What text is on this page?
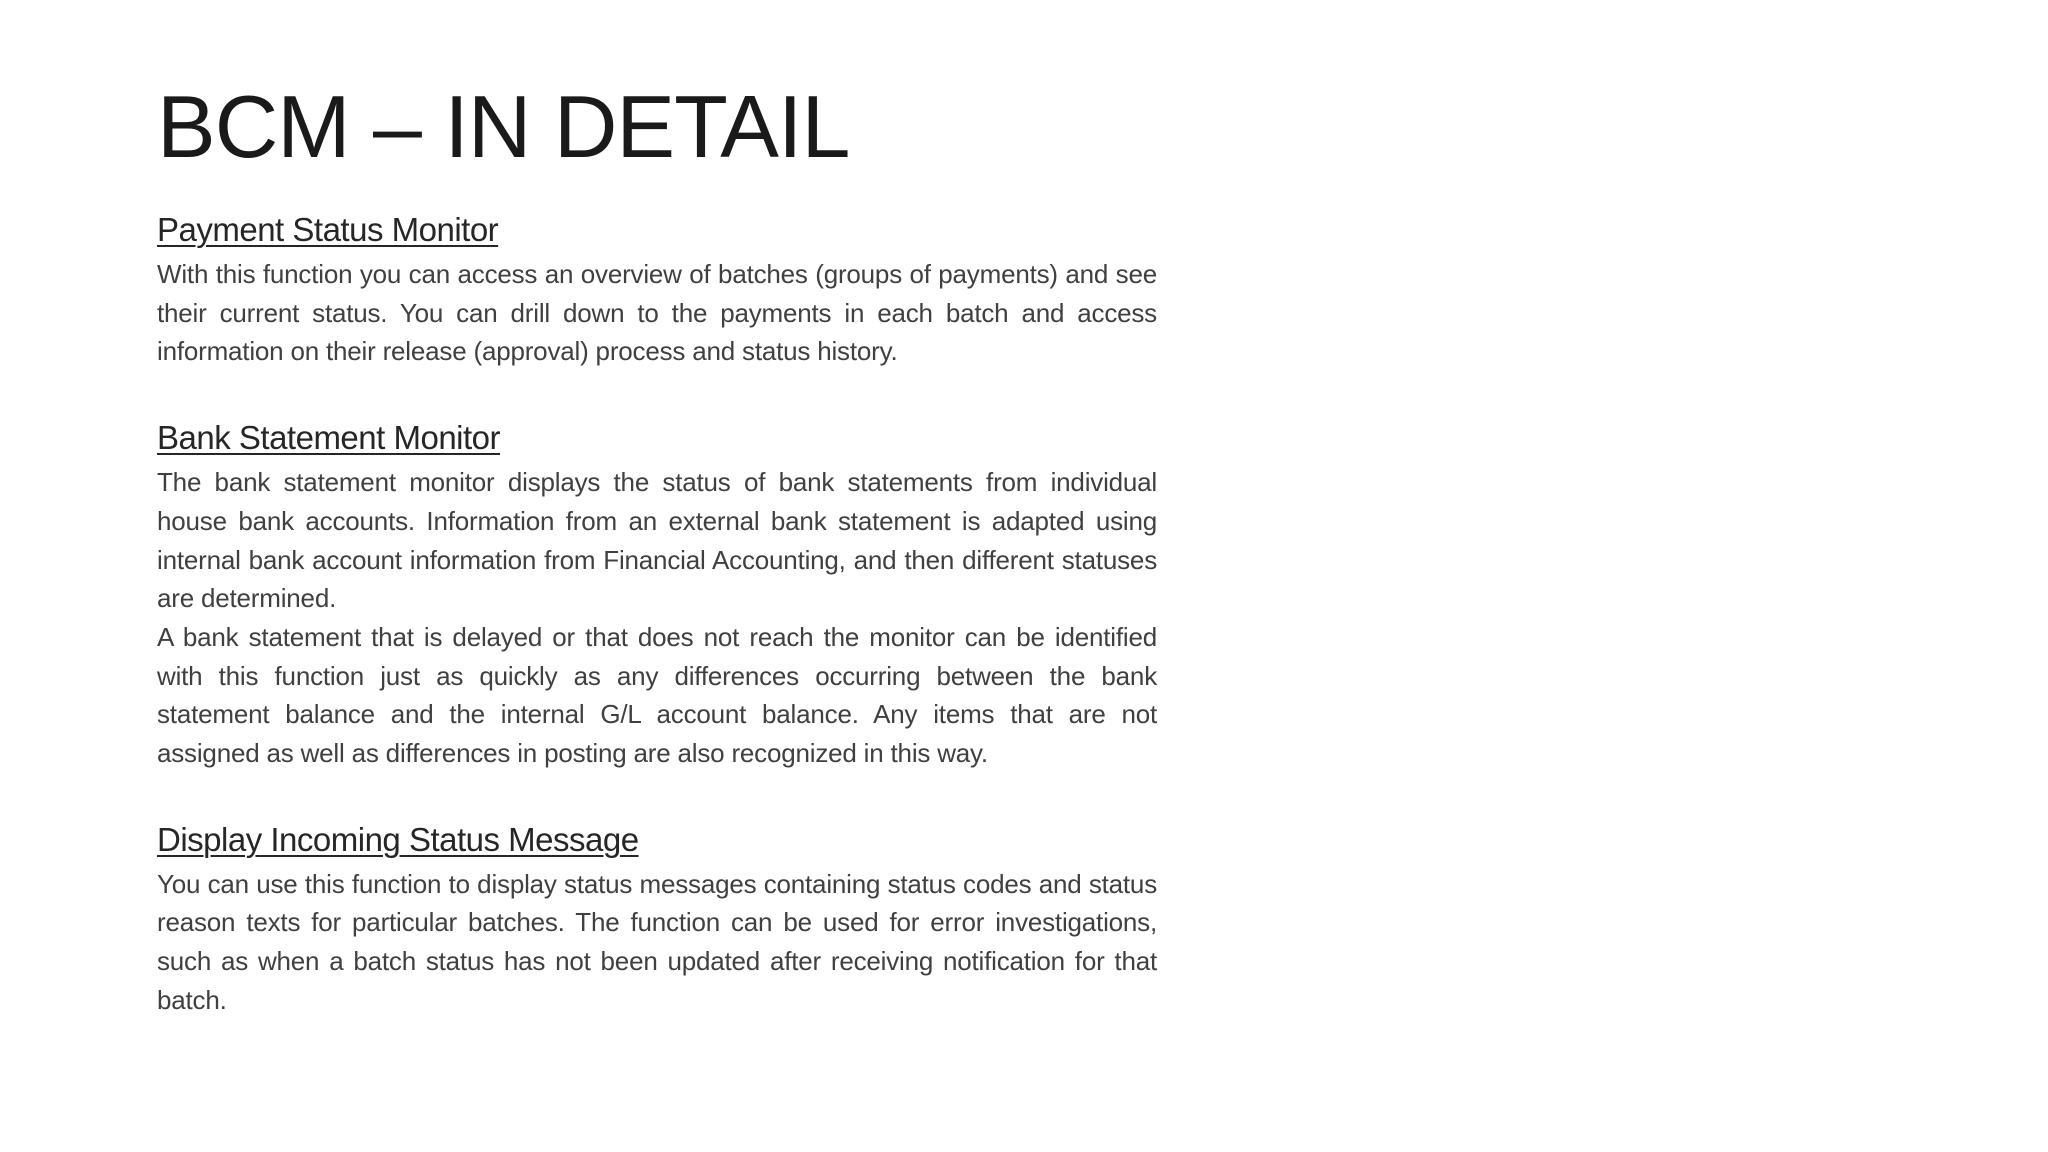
BCM – IN DETAIL
Payment Status Monitor

With this function you can access an overview of batches (groups of payments) and see their current status. You can drill down to the payments in each batch and access information on their release (approval) process and status history.

Bank Statement Monitor

The bank statement monitor displays the status of bank statements from individual house bank accounts. Information from an external bank statement is adapted using internal bank account information from Financial Accounting, and then different statuses are determined.

A bank statement that is delayed or that does not reach the monitor can be identified with this function just as quickly as any differences occurring between the bank statement balance and the internal G/L account balance. Any items that are not assigned as well as differences in posting are also recognized in this way.

Display Incoming Status Message

You can use this function to display status messages containing status codes and status reason texts for particular batches. The function can be used for error investigations, such as when a batch status has not been updated after receiving notification for that batch.
